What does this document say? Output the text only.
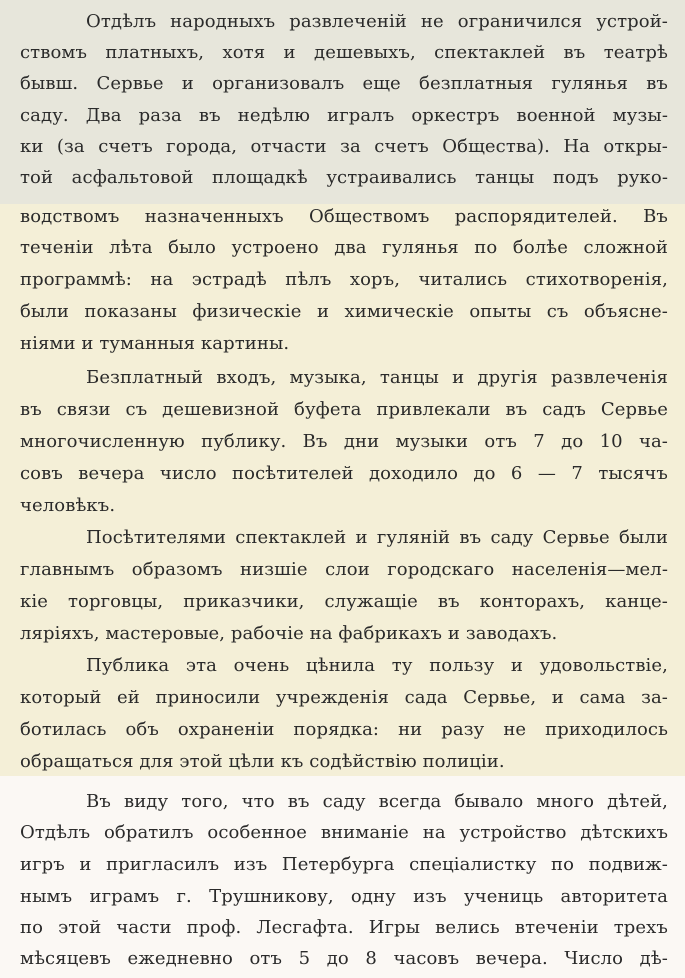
Отдѣлъ народныхъ развлеченій не ограничился устрой-
ствомъ платныхъ, хотя и дешевыхъ, спектаклей въ театрѣ
бывш. Сервье и организовалъ еще безплатныя гулянья въ
саду. Два раза въ недѣлю игралъ оркестръ военной музы-
ки (за счетъ города, отчасти за счетъ Общества). На откры-
той асфальтовой площадкѣ устраивались танцы подъ руко-
водствомъ назначенныхъ Обществомъ распорядителей. Въ
теченіи лѣта было устроено два гулянья по болѣе сложной
программѣ: на эстрадѣ пѣлъ хоръ, читались стихотворенія,
были показаны физическіе и химическіе опыты съ объясне-
ніями и туманныя картины.
Безплатный входъ, музыка, танцы и другія развлеченія
въ связи съ дешевизной буфета привлекали въ садъ Сервье
многочисленную публику. Въ дни музыки отъ 7 до 10 ча-
совъ вечера число посѣтителей доходило до 6 — 7 тысячъ
человѣкъ.
Посѣтителями спектаклей и гуляній въ саду Сервье были
главнымъ образомъ низшіе слои городскаго населенія—мел-
кіе торговцы, приказчики, служащіе въ конторахъ, канце-
ляріяхъ, мастеровые, рабочіе на фабрикахъ и заводахъ.
Публика эта очень цѣнила ту пользу и удовольствіе,
который ей приносили учрежденія сада Сервье, и сама за-
ботилась объ охраненіи порядка: ни разу не приходилось
обращаться для этой цѣли къ содѣйствію полиціи.
Въ виду того, что въ саду всегда бывало много дѣтей,
Отдѣлъ обратилъ особенное вниманіе на устройство дѣтскихъ
игръ и пригласилъ изъ Петербурга спеціалистку по подвиж-
нымъ играмъ г. Трушникову, одну изъ учениць авторитета
по этой части проф. Лесгафта. Игры велись втеченіи трехъ
мѣсяцевъ ежедневно отъ 5 до 8 часовъ вечера. Число дѣ-
